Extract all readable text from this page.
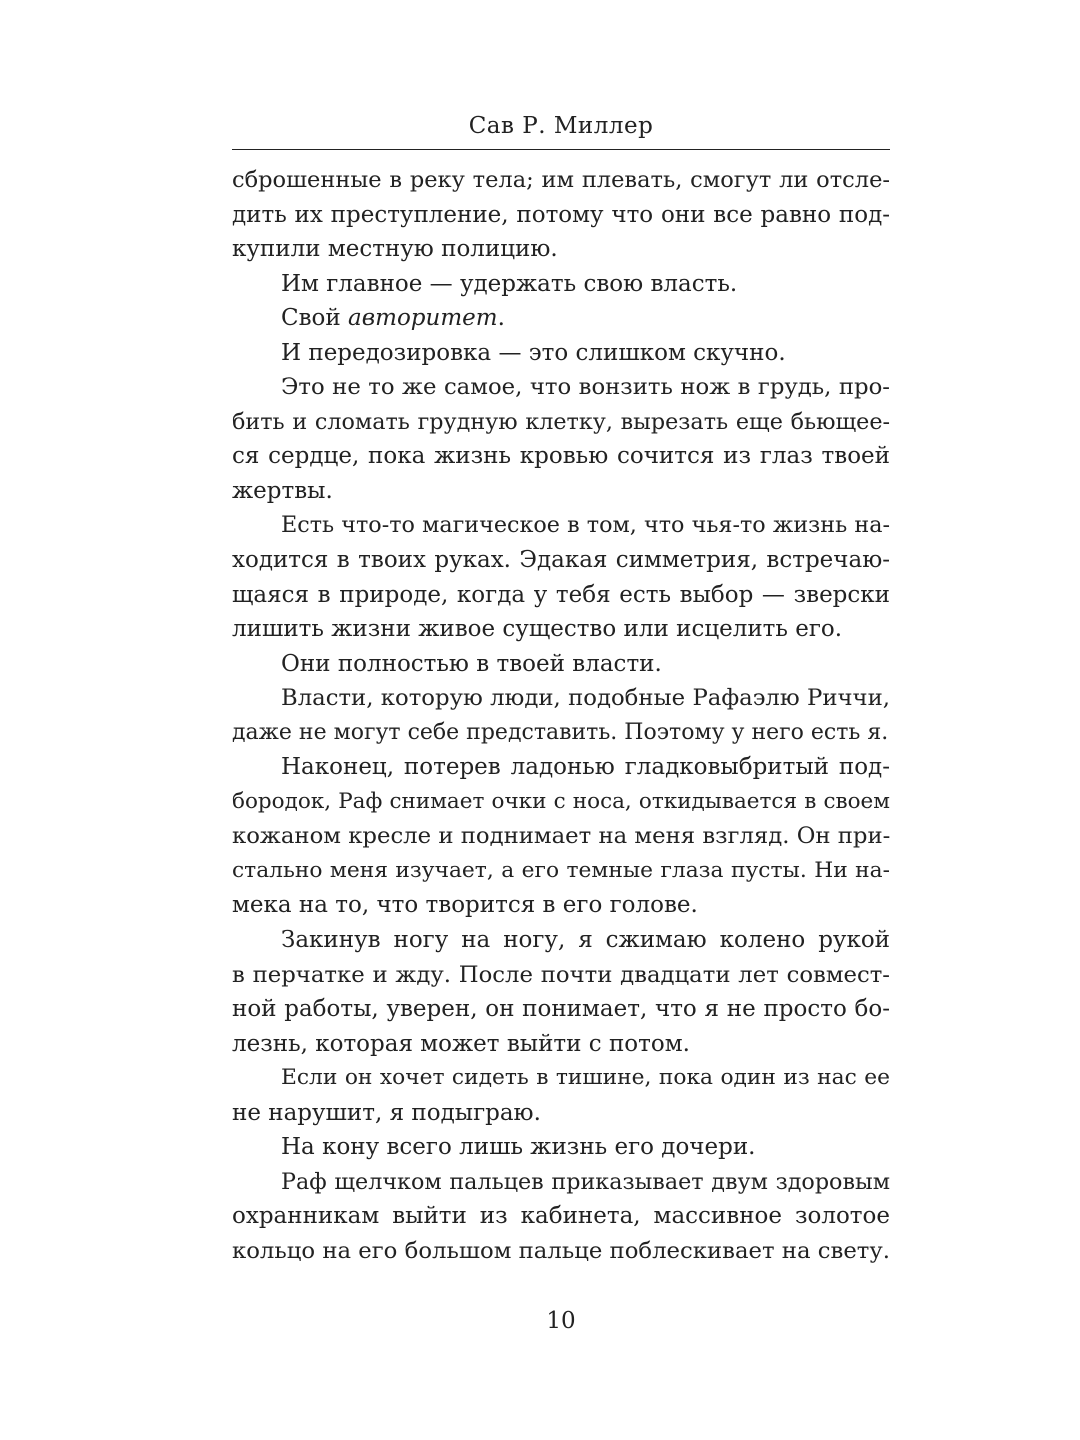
Сав Р. Миллер
сброшенные в реку тела; им плевать, смогут ли отсле-
дить их преступление, потому что они все равно под-
купили местную полицию.
Им главное — удержать свою власть.
Свой авторитет.
И передозировка — это слишком скучно.
Это не то же самое, что вонзить нож в грудь, про-
бить и сломать грудную клетку, вырезать еще бьющее-
ся сердце, пока жизнь кровью сочится из глаз твоей
жертвы.
Есть что-то магическое в том, что чья-то жизнь на-
ходится в твоих руках. Эдакая симметрия, встречаю-
щаяся в природе, когда у тебя есть выбор — зверски
лишить жизни живое существо или исцелить его.
Они полностью в твоей власти.
Власти, которую люди, подобные Рафаэлю Риччи,
даже не могут себе представить. Поэтому у него есть я.
Наконец, потерев ладонью гладковыбритый под-
бородок, Раф снимает очки с носа, откидывается в своем
кожаном кресле и поднимает на меня взгляд. Он при-
стально меня изучает, а его темные глаза пусты. Ни на-
мека на то, что творится в его голове.
Закинув ногу на ногу, я сжимаю колено рукой
в перчатке и жду. После почти двадцати лет совмест-
ной работы, уверен, он понимает, что я не просто бо-
лезнь, которая может выйти с потом.
Если он хочет сидеть в тишине, пока один из нас ее
не нарушит, я подыграю.
На кону всего лишь жизнь его дочери.
Раф щелчком пальцев приказывает двум здоровым
охранникам выйти из кабинета, массивное золотое
кольцо на его большом пальце поблескивает на свету.
10
